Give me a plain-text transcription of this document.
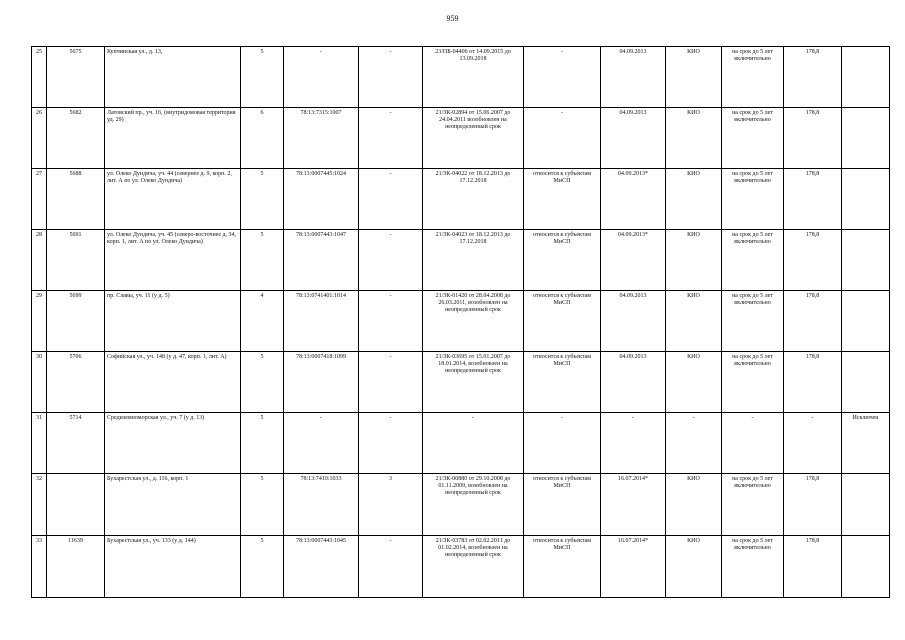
959
25	5675	Купчинская ул., д. 13,	5	-	-	23/ПБ-04406 от 14.09.2015 до 13.09.2018	-	04.09.2013	КИО	на срок до 5 лет включительно	178,8	
26	5682	Латовский пр., уч. 16, (внутридомовая территория уд. 29)	6	78:13:7315:1007	-	21/ЗК-02894 от 15.06.2007 до 24.04.2011 возобновлен на неопределенный срок	-	04.09.2013	КИО	на срок до 5 лет включительно	178,8	
27	5688	ул. Олеко Дундича, уч. 44 (севернее д. 9, корп. 2, лит. А по ул. Олеко Дундича)	5	78:13:0007445:1024	-	21/ЗК-04022 от 18.12.2013 до 17.12.2018	относится к субъектам МиСП	04.09.2013*	КИО	на срок до 5 лет включительно	178,8	
28	5691	ул. Олеко Дундича, уч. 45 (северо-восточнее д. 34, корп. 1, лит. А по ул. Олеко Дундича)	5	78:13:0007443:1047	-	21/ЗК-04023 от 18.12.2013 до 17.12.2018	относится к субъектам МиСП	04.09.2013*	КИО	на срок до 5 лет включительно	178,8	
29	5699	пр. Славы, уч. 11 (у д. 5)	4	78:13:0741401:1014	-	21/ЗК-01420 от 28.04.2008 до 26.03.2011, возобновлен на неопределенный срок	относится к субъектам МиСП	04.09.2013	КИО	на срок до 5 лет включительно	178,8	
30	5706	Софийская ул., уч. 148 (у д. 47, корп. 1, лит. А)	5	78:13:0007418:1099	-	21/ЗК-03695 от 15.01.2007 до 18.01.2014, возобновлен на неопределенный срок	относится к субъектам МиСП	04.09.2013	КИО	на срок до 5 лет включительно	178,8	
31	5714	Средиземноморская ул., уч. 7 (у д. 13)	5	-	-	-	-	-	-	-	-	Исключен
32		Бухарестская ул., д. 116, корп. 1	5	78:13:7410:1033	3	21/ЗК-00880 от 29.10.2008 до 01.11.2009, возобновлен на неопределенный срок	относится к субъектам МиСП	16.07.2014*	КИО	на срок до 5 лет включительно	178,8	
33	11639	Бухарестская ул., уч. 133 (у д. 144)	5	78:13:0007443:1045	-	21/ЗК-03783 от 02.02.2011 до 01.02.2014, возобновлен на неопределенный срок	относится к субъектам МиСП	16.07.2014*	КИО	на срок до 5 лет включительно	178,8	
